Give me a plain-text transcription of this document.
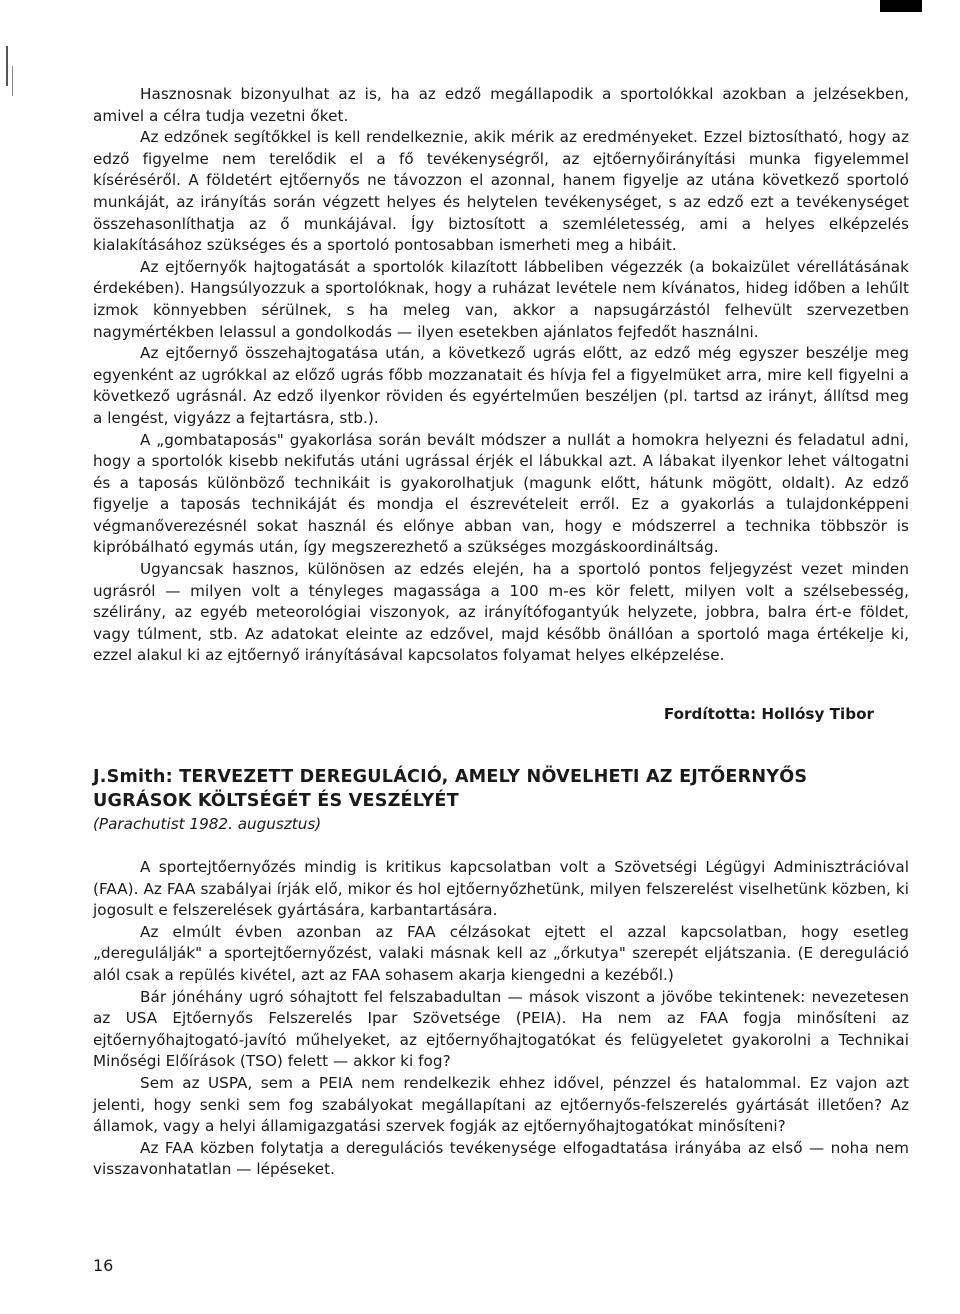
Hasznosnak bizonyulhat az is, ha az edző megállapodik a sportolókkal azokban a jelzésekben, amivel a célra tudja vezetni őket.

Az edzőnek segítőkkel is kell rendelkeznie, akik mérik az eredményeket. Ezzel biztosítható, hogy az edző figyelme nem terelődik el a fő tevékenységről, az ejtőernyőirányítási munka figyelemmel kíséréséről. A földetért ejtőernyős ne távozzon el azonnal, hanem figyelje az utána következő sportoló munkáját, az irányítás során végzett helyes és helytelen tevékenységet, s az edző ezt a tevékenységet összehasonlíthatja az ő munkájával. Így biztosított a szemléletesség, ami a helyes elképzelés kialakításához szükséges és a sportoló pontosabban ismerheti meg a hibáit.

Az ejtőernyők hajtogatását a sportolók kilazított lábbeliben végezzék (a bokaizület vérellátásának érdekében). Hangsúlyozzuk a sportolóknak, hogy a ruházat levétele nem kívánatos, hideg időben a lehűlt izmok könnyebben sérülnek, s ha meleg van, akkor a napsugárzástól felhevült szervezetben nagymértékben lelassul a gondolkodás — ilyen esetekben ajánlatos fejfedőt használni.

Az ejtőernyő összehajtogatása után, a következő ugrás előtt, az edző még egyszer beszélje meg egyenként az ugrókkal az előző ugrás főbb mozzanatait és hívja fel a figyelmüket arra, mire kell figyelni a következő ugrásnál. Az edző ilyenkor röviden és egyértelműen beszéljen (pl. tartsd az irányt, állítsd meg a lengést, vigyázz a fejtartásra, stb.).

A „gombataposás" gyakorlása során bevált módszer a nullát a homokra helyezni és feladatul adni, hogy a sportolók kisebb nekifutás utáni ugrással érjék el lábukkal azt. A lábakat ilyenkor lehet váltogatni és a taposás különböző technikáit is gyakorolhatjuk (magunk előtt, hátunk mögött, oldalt). Az edző figyelje a taposás technikáját és mondja el észrevételeit erről. Ez a gyakorlás a tulajdonképpeni végmanőverezésnél sokat használ és előnye abban van, hogy e módszerrel a technika többször is kipróbálható egymás után, így megszerezhető a szükséges mozgáskoordináltság.

Ugyancsak hasznos, különösen az edzés elején, ha a sportoló pontos feljegyzést vezet minden ugrásról — milyen volt a tényleges magassága a 100 m-es kör felett, milyen volt a szélsebesség, szélirány, az egyéb meteorológiai viszonyok, az irányítófogantyúk helyzete, jobbra, balra ért-e földet, vagy túlment, stb. Az adatokat eleinte az edzővel, majd később önállóan a sportoló maga értékelje ki, ezzel alakul ki az ejtőernyő irányításával kapcsolatos folyamat helyes elképzelése.

Fordította: Hollósy Tibor
J.Smith: TERVEZETT DEREGULÁCIÓ, AMELY NÖVELHETI AZ EJTŐERNYŐS UGRÁSOK KÖLTSÉGÉT ÉS VESZÉLYÉT
(Parachutist 1982. augusztus)

A sportejtőernyőzés mindig is kritikus kapcsolatban volt a Szövetségi Légügyi Adminisztrációval (FAA). Az FAA szabályai írják elő, mikor és hol ejtőernyőzhetünk, milyen felszerelést viselhetünk közben, ki jogosult e felszerelések gyártására, karbantartására.

Az elmúlt évben azonban az FAA célzásokat ejtett el azzal kapcsolatban, hogy esetleg „deregulálják" a sportejtőernyőzést, valaki másnak kell az „őrkutya" szerepét eljátszania. (E dereguláció alól csak a repülés kivétel, azt az FAA sohasem akarja kiengedni a kezéből.)

Bár jónéhány ugró sóhajtott fel felszabadultan — mások viszont a jövőbe tekintenek: nevezetesen az USA Ejtőernyős Felszerelés Ipar Szövetsége (PEIA). Ha nem az FAA fogja minősíteni az ejtőernyőhajtogató-javító műhelyeket, az ejtőernyőhajtogatókat és felügyeletet gyakorolni a Technikai Minőségi Előírások (TSO) felett — akkor ki fog?

Sem az USPA, sem a PEIA nem rendelkezik ehhez idővel, pénzzel és hatalommal. Ez vajon azt jelenti, hogy senki sem fog szabályokat megállapítani az ejtőernyős-felszerelés gyártását illetően? Az államok, vagy a helyi államigazgatási szervek fogják az ejtőernyőhajtogatókat minősíteni?

Az FAA közben folytatja a deregulációs tevékenysége elfogadtatása irányába az első — noha nem visszavonhatatlan — lépéseket.

16
